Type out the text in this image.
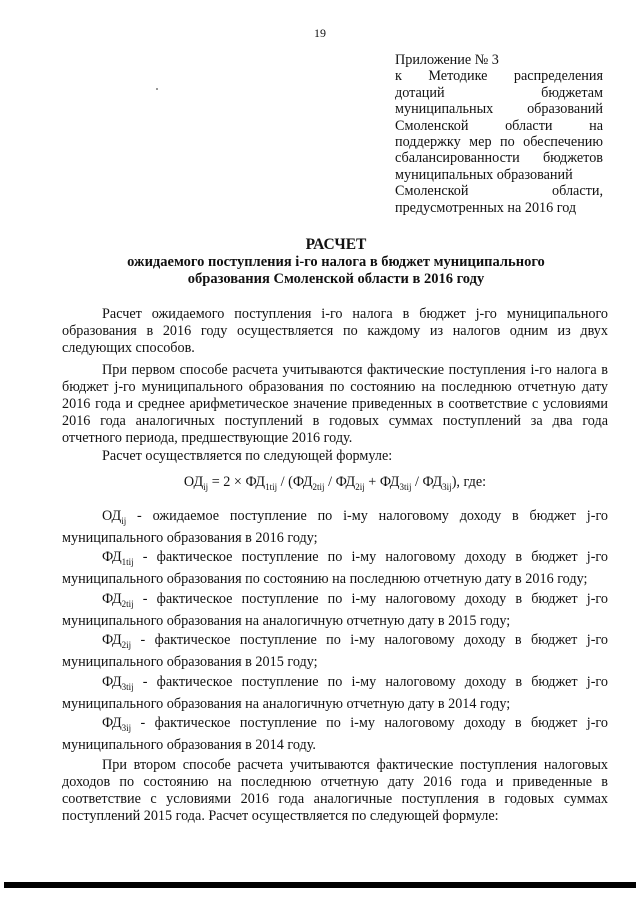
19
Приложение № 3
к Методике распределения
дотаций бюджетам
муниципальных образований
Смоленской области на
поддержку мер по обеспечению
сбалансированности бюджетов
муниципальных образований
Смоленской области,
предусмотренных на 2016 год
РАСЧЕТ
ожидаемого поступления i-го налога в бюджет муниципального
образования Смоленской области в 2016 году

Расчет ожидаемого поступления i-го налога в бюджет j-го муниципального образования в 2016 году осуществляется по каждому из налогов одним из двух следующих способов.

При первом способе расчета учитываются фактические поступления i-го налога в бюджет j-го муниципального образования по состоянию на последнюю отчетную дату 2016 года и среднее арифметическое значение приведенных в соответствие с условиями 2016 года аналогичных поступлений в годовых суммах поступлений за два года отчетного периода, предшествующие 2016 году.

Расчет осуществляется по следующей формуле:

$ОД_{ij} = 2 \times ФД_{1tij} / (ФД_{2tij} / ФД_{2ij} + ФД_{3tij} / ФД_{3ij})$, где:

$ОД_{ij}$ - ожидаемое поступление по i-му налоговому доходу в бюджет j-го муниципального образования в 2016 году;

$ФД_{1tij}$ - фактическое поступление по i-му налоговому доходу в бюджет j-го муниципального образования по состоянию на последнюю отчетную дату в 2016 году;

$ФД_{2tij}$ - фактическое поступление по i-му налоговому доходу в бюджет j-го муниципального образования на аналогичную отчетную дату в 2015 году;

$ФД_{2ij}$ - фактическое поступление по i-му налоговому доходу в бюджет j-го муниципального образования в 2015 году;

$ФД_{3tij}$ - фактическое поступление по i-му налоговому доходу в бюджет j-го муниципального образования на аналогичную отчетную дату в 2014 году;

$ФД_{3ij}$ - фактическое поступление по i-му налоговому доходу в бюджет j-го муниципального образования в 2014 году.

При втором способе расчета учитываются фактические поступления налоговых доходов по состоянию на последнюю отчетную дату 2016 года и приведенные в соответствие с условиями 2016 года аналогичные поступления в годовых суммах поступлений 2015 года. Расчет осуществляется по следующей формуле:
